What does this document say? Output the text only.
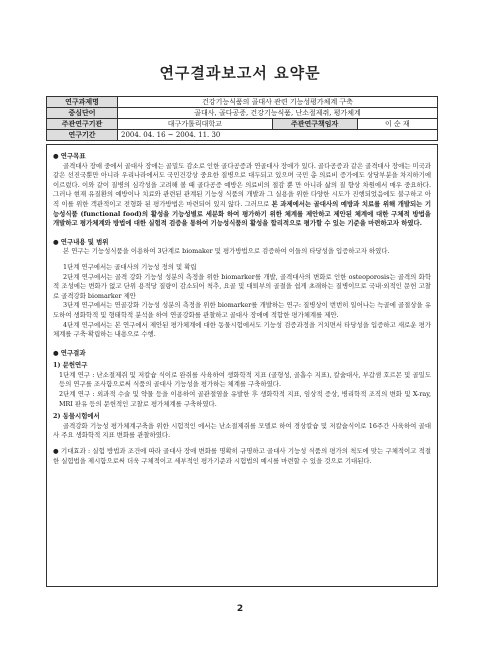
연구결과보고서 요약문
연구과제명	건강기능식품의 골대사 관련 기능성평가체계 구축		
중심단어	골대사, 골다공증, 건강기능식품, 난소절제쥐, 평가체계		
주관연구기관	대구가톨릭대학교	주관연구책임자	이 순 재
연구기간	2004. 04. 16 ~ 2004. 11. 30		
● 연구목표
골격대사 장애 중에서 골대사 장애는 골밀도 감소로 인한 골다공증과 연골대사 장애가 있다. 골다공증과 같은 골격대사 장애는 미국과 같은 선진국뿐만 아니라 우리나라에서도 국민건강상 중요한 질병으로 대두되고 있으며 국민 총 의료비 증가에도 상당부분을 차지하기에 이르렀다. 이와 같이 질병의 심각성을 고려해 볼 때 골다공증 예방은 의료비의 절감 뿐 만 아니라 삶의 질 향상 차원에서 매우 중요하다. 그러나 현재 유질환의 예방이나 치료와 관련된 관계된 기능성 식품의 개발과 그 실용을 위한 다양한 시도가 진행되었음에도 불구하고 아직 이를 위한 객관적이고 전형화 된 평가방법은 마련되어 있지 않다. 그러므로 본 과제에서는 골대사의 예방과 치료를 위해 개발되는 기능성식품 (functional food)의 활성을 기능성별로 세분화 하여 평가하기 위한 체계를 제안하고 제안된 체계에 대한 구체적 방법을 개발하고 평가체계와 방법에 대한 실험적 검증을 통하여 기능성식품의 활성을 합리적으로 평가할 수 있는 기준을 마련하고자 하였다.
● 연구내용 및 범위
본 연구는 기능성식품을 이용하여 3단계로 biomaker 및 평가방법으로 검증하여 이들의 타당성을 입증하고자 하였다.
1단계 연구에서는 골대사의 기능성 정의 및 확립
2단계 연구에서는 골격 강화 기능성 성분의 측정을 위한 biomarker를 개발, 골격대사의 변화로 인한 osteoporosis는 골격의 화학적 조성에는 변화가 없고 단위 용적당 질량이 감소되어 척추, 요골 및 대퇴부의 골절을 쉽게 초래하는 질병이므로 국내·외적인 문헌 고찰로 골격강화 biomarker 제안
3단계 연구에서는 연골강화 기능성 성분의 측정을 위한 biomarker를 개발하는 연구: 질병상이 번번히 일어나는 늑골에 골절상을 유도하여 생화학적 및 형태학적 분석을 하여 연골강화를 관찰하고 골대사 장애에 적합한 평가체계를 제안.
4단계 연구에서는 본 연구에서 제안된 평가체계에 대한 동물시험에서도 기능성 검증과정을 거치면서 타당성을 입증하고 새로운 평가체계를 구축·확립하는 내용으로 수행.
● 연구결과
1) 문헌연구
1단계 연구 : 난소절제쥐 및 저칼슘 식이로 완쥐를 사육하여 생화학적 지표 (골형성, 골흡수 지표), 칼슘대사, 부갑샘 호르몬 및 골밀도 등의 연구를 조사함으로써 식품의 골대사 기능성을 평가하는 체계를 구축하였다.
2단계 연구 : 외과적 수술 및 약물 등을 이용하여 골관절염을 유발한 후 생화학적 지표, 임상적 증상, 병리학적 조직의 변화 및 X-ray, MRI 판유 등의 문헌적인 고찰로 평가체계를 구축하였다.
2) 동물시험에서
골격강화 기능성 평가체계구축을 위한 시험적인 에서는 난소절제쥐를 모델로 하여 경상칼슘 및 저칼슘식이로 16주간 사육하여 골대사 주요 생화학적 지표 변화를 관찰하였다.
● 기대효과 : 실험 방법과 조건에 따라 골대사 장애 변화를 명확히 규명하고 골대사 기능성 식품의 평가의 척도에 맞는 구체적이고 적절한 실험법을 제시함으로써 더욱 구체적이고 세부적인 평가기준과 시험법의 예시를 마련할 수 있을 것으로 기대된다.
2
